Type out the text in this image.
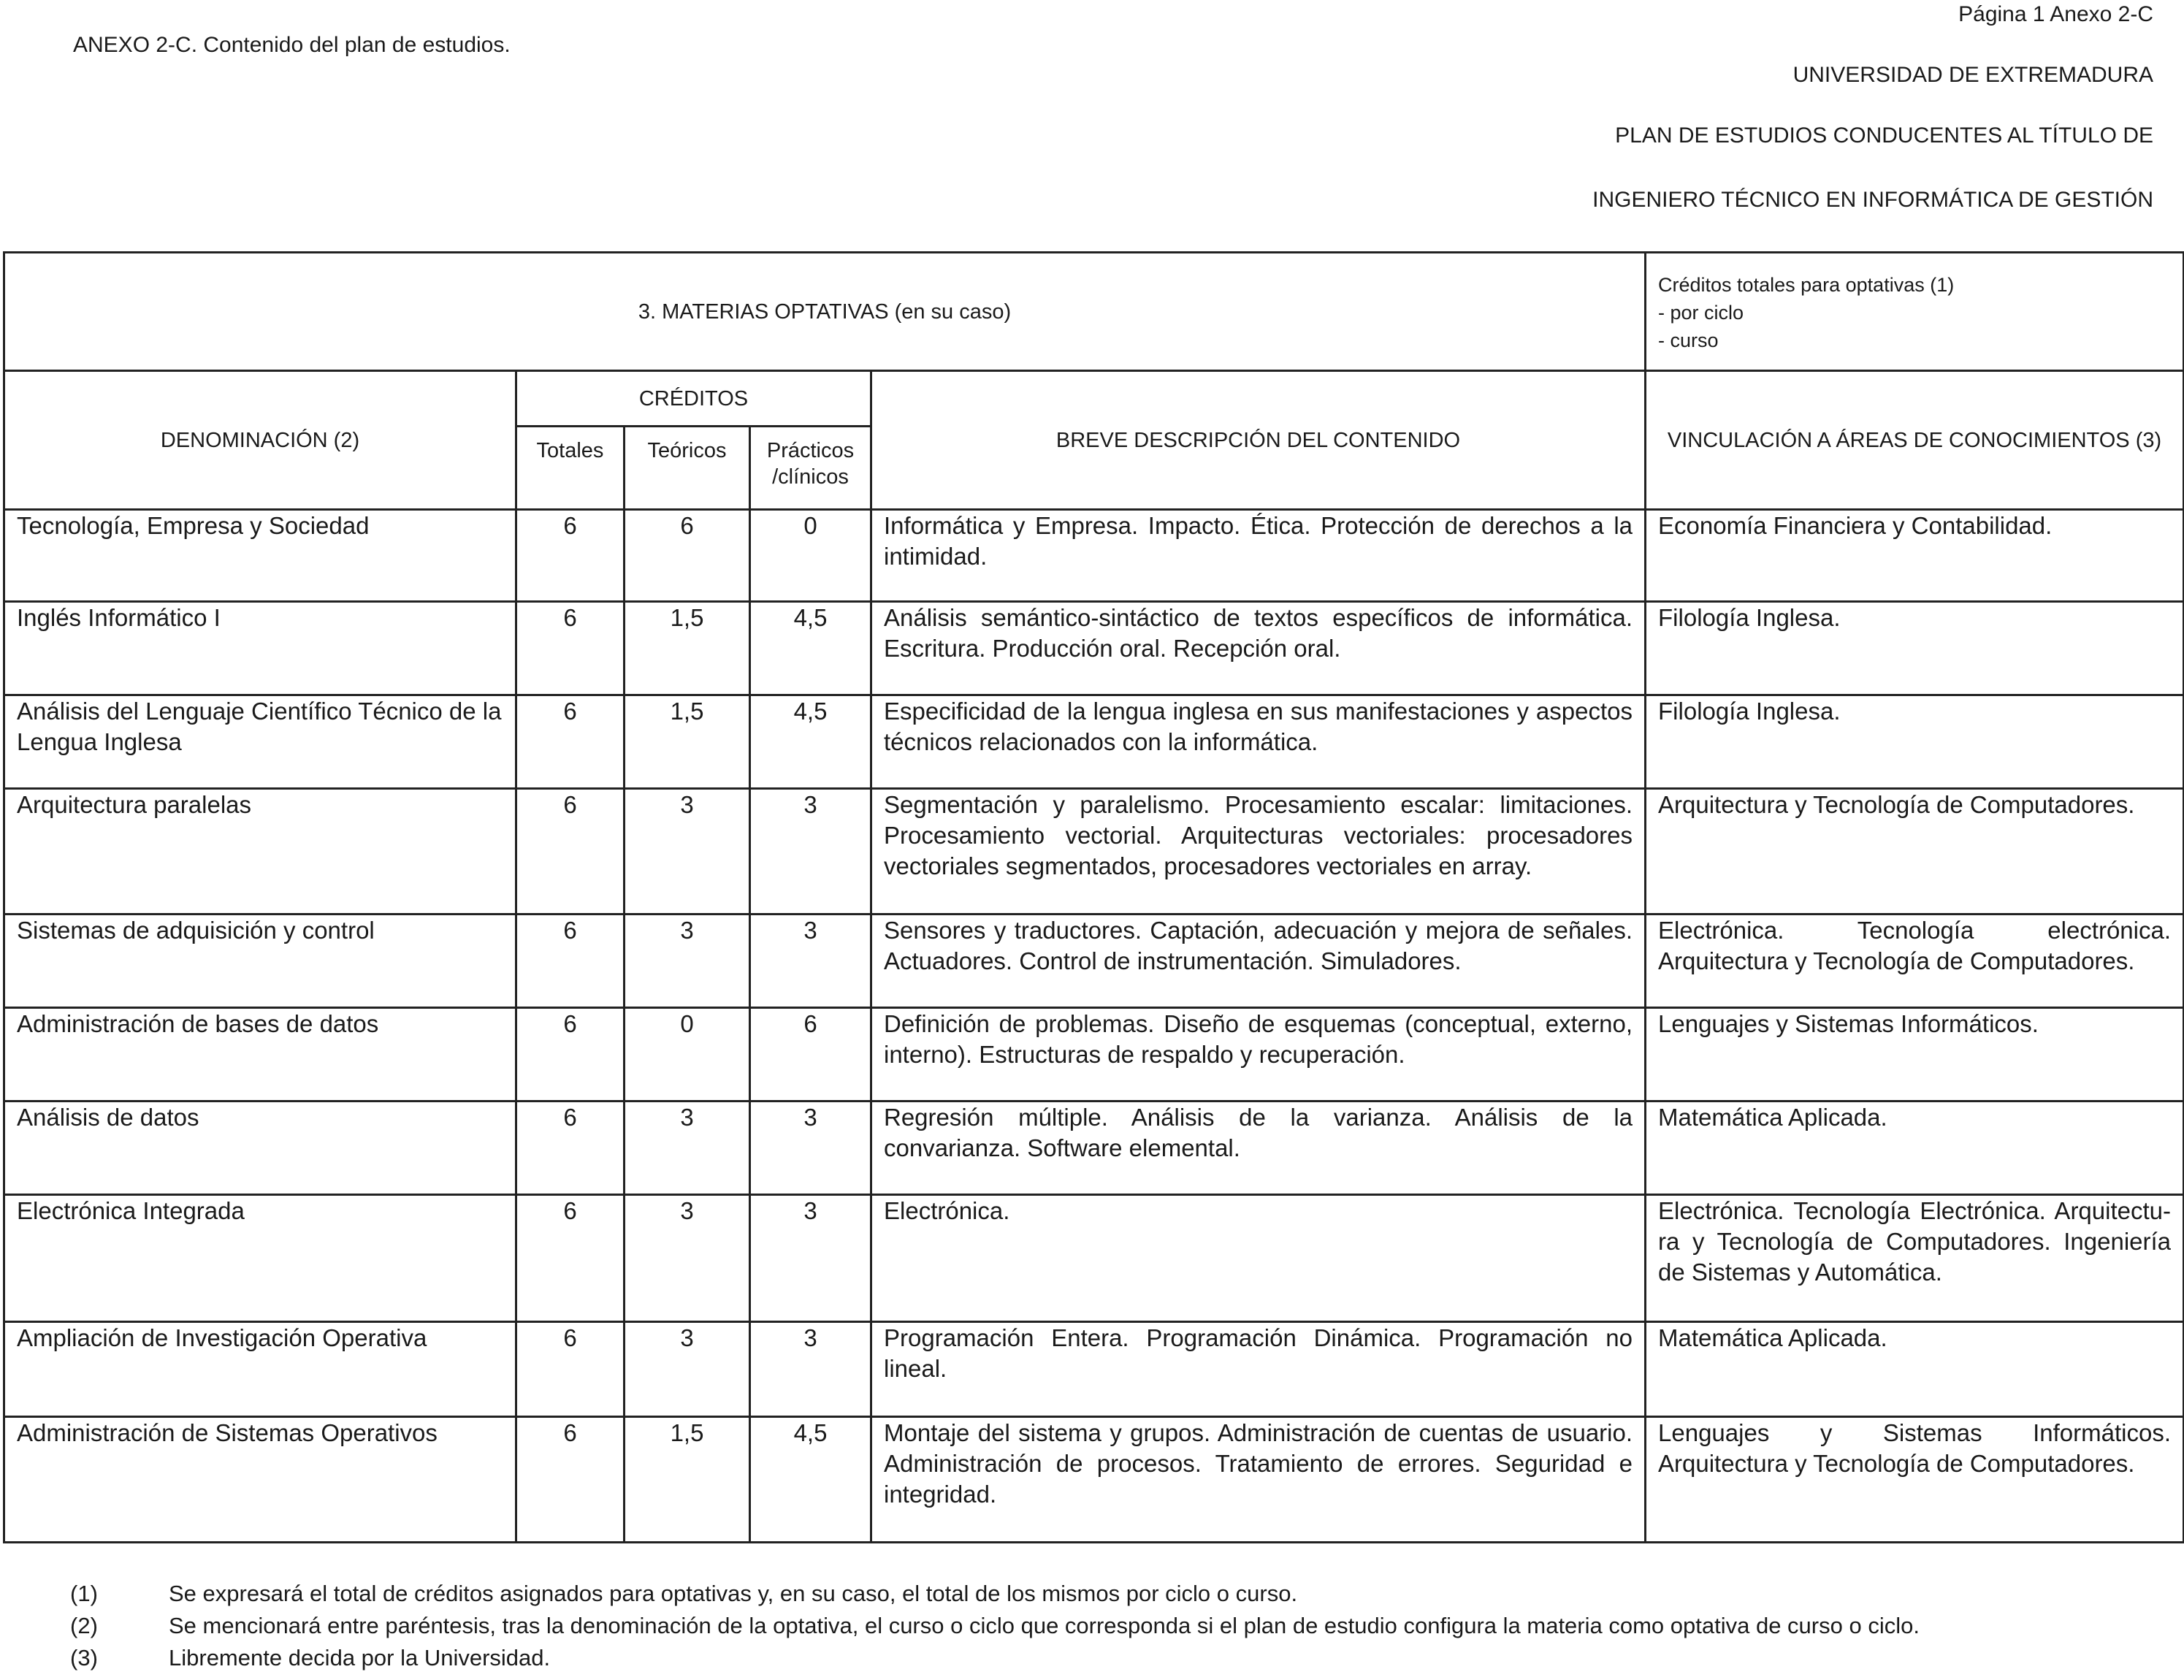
ANEXO 2-C. Contenido del plan de estudios.
Página 1 Anexo 2-C
UNIVERSIDAD DE EXTREMADURA
PLAN DE ESTUDIOS CONDUCENTES AL TÍTULO DE
INGENIERO TÉCNICO EN INFORMÁTICA DE GESTIÓN
3. MATERIAS OPTATIVAS (en su caso)					Créditos totales para optativas (1)
- por ciclo
- curso

DENOMINACIÓN (2)	CRÉDITOS			BREVE DESCRIPCIÓN DEL CONTENIDO	VINCULACIÓN A ÁREAS DE CONOCIMIENTOS (3)
	Totales	Teóricos	Prácticos /clínicos		
Tecnología, Empresa y Sociedad	6	6	0	Informática y Empresa. Impacto. Ética. Protección de derechos a la intimidad.	Economía Financiera y Contabilidad.
Inglés Informático I	6	1,5	4,5	Análisis semántico-sintáctico de textos específicos de informática. Escritura. Producción oral. Recepción oral.	Filología Inglesa.
Análisis del Lenguaje Científico Técnico de la Lengua Inglesa	6	1,5	4,5	Especificidad de la lengua inglesa en sus manifestaciones y aspectos técnicos relacionados con la informática.	Filología Inglesa.
Arquitectura paralelas	6	3	3	Segmentación y paralelismo. Procesamiento escalar: limitaciones. Procesamiento vectorial. Arquitecturas vectoriales: procesadores vectoriales segmentados, procesadores vectoriales en array.	Arquitectura y Tecnología de Computadores.
Sistemas de adquisición y control	6	3	3	Sensores y traductores. Captación, adecuación y mejora de señales. Actuadores. Control de instrumentación. Simuladores.	Electrónica. Tecnología electrónica. Arquitectura y Tecnología de Computadores.
Administración de bases de datos	6	0	6	Definición de problemas. Diseño de esquemas (conceptual, externo, interno). Estructuras de respaldo y recuperación.	Lenguajes y Sistemas Informáticos.
Análisis de datos	6	3	3	Regresión múltiple. Análisis de la varianza. Análisis de la convarianza. Software elemental.	Matemática Aplicada.
Electrónica Integrada	6	3	3	Electrónica.	Electrónica. Tecnología Electrónica. Arquitectu-ra y Tecnología de Computadores. Ingeniería de Sistemas y Automática.
Ampliación de Investigación Operativa	6	3	3	Programación Entera. Programación Dinámica. Programación no lineal.	Matemática Aplicada.
Administración de Sistemas Operativos	6	1,5	4,5	Montaje del sistema y grupos. Administración de cuentas de usuario. Administración de procesos. Tratamiento de errores. Seguridad e integridad.	Lenguajes y Sistemas Informáticos. Arquitectura y Tecnología de Computadores.
(1)	Se expresará el total de créditos asignados para optativas y, en su caso, el total de los mismos por ciclo o curso.
(2)	Se mencionará entre paréntesis, tras la denominación de la optativa, el curso o ciclo que corresponda si el plan de estudio configura la materia como optativa de curso o ciclo.
(3)	Libremente decida por la Universidad.
